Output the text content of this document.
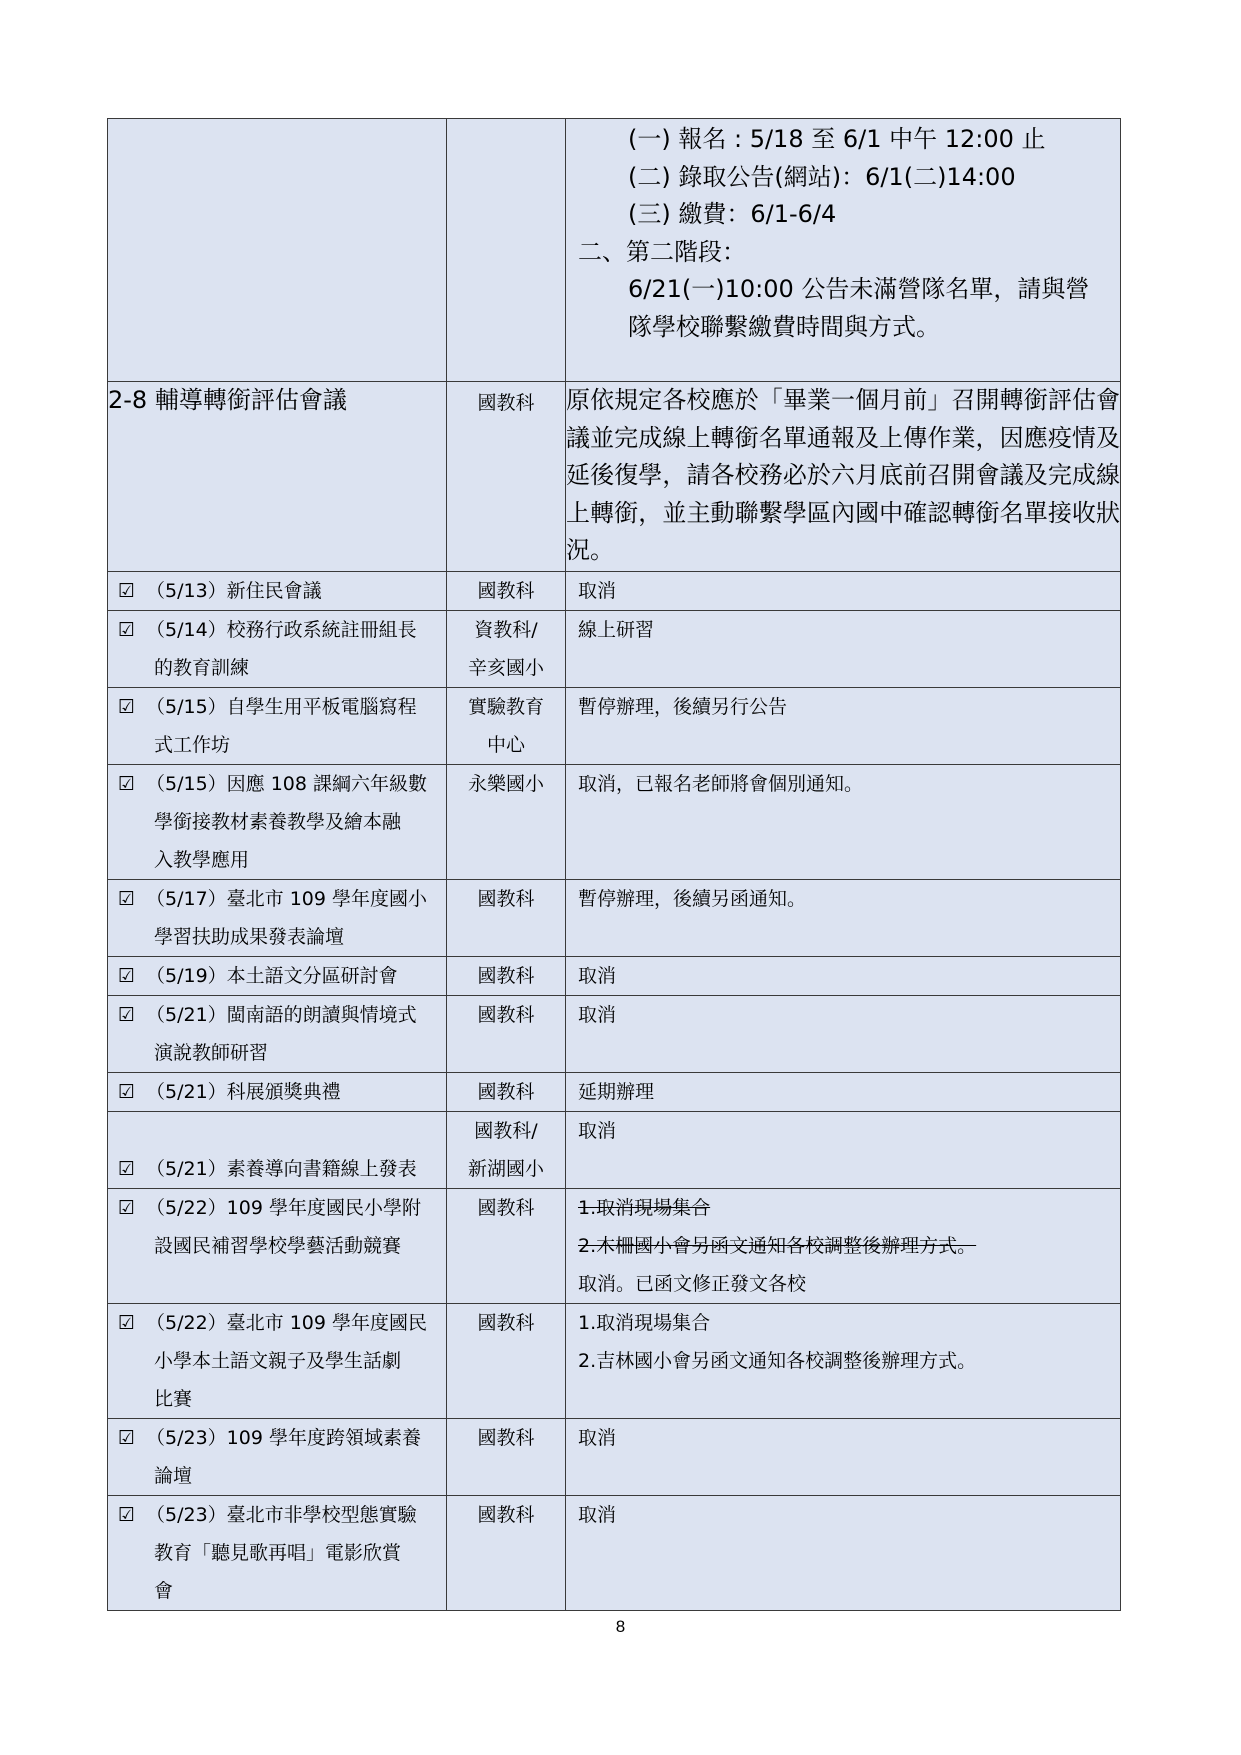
		(一) 報名 : 5/18 至 6/1 中午 12:00 止
(二) 錄取公告(網站)：6/1(二)14:00
(三) 繳費：6/1-6/4
二、第二階段：
6/21(一)10:00 公告未滿營隊名單，請與營隊學校聯繫繳費時間與方式。

2-8 輔導轉銜評估會議	國教科	原依規定各校應於「畢業一個月前」召開轉銜評估會議並完成線上轉銜名單通報及上傳作業，因應疫情及延後復學，請各校務必於六月底前召開會議及完成線上轉銜，並主動聯繫學區內國中確認轉銜名單接收狀況。

☑ （5/13）新住民會議	國教科	取消

☑ （5/14）校務行政系統註冊組長
的教育訓練	資教科/
辛亥國小	線上研習

☑ （5/15）自學生用平板電腦寫程
式工作坊	實驗教育
中心	暫停辦理，後續另行公告

☑ （5/15）因應 108 課綱六年級數
學銜接教材素養教學及繪本融
入教學應用	永樂國小	取消，已報名老師將會個別通知。

☑ （5/17）臺北市 109 學年度國小
學習扶助成果發表論壇	國教科	暫停辦理，後續另函通知。

☑ （5/19）本土語文分區研討會	國教科	取消

☑ （5/21）閩南語的朗讀與情境式
演說教師研習	國教科	取消

☑ （5/21）科展頒獎典禮	國教科	延期辦理

☑ （5/21）素養導向書籍線上發表	國教科/
新湖國小	取消

☑ （5/22）109 學年度國民小學附
設國民補習學校學藝活動競賽	國教科	1.取消現場集合
2.木柵國小會另函文通知各校調整後辦理方式。
取消。已函文修正發文各校

☑ （5/22）臺北市 109 學年度國民
小學本土語文親子及學生話劇
比賽	國教科	1.取消現場集合
2.吉林國小會另函文通知各校調整後辦理方式。

☑ （5/23）109 學年度跨領域素養
論壇	國教科	取消

☑ （5/23）臺北市非學校型態實驗
教育「聽見歌再唱」電影欣賞
會	國教科	取消
8
